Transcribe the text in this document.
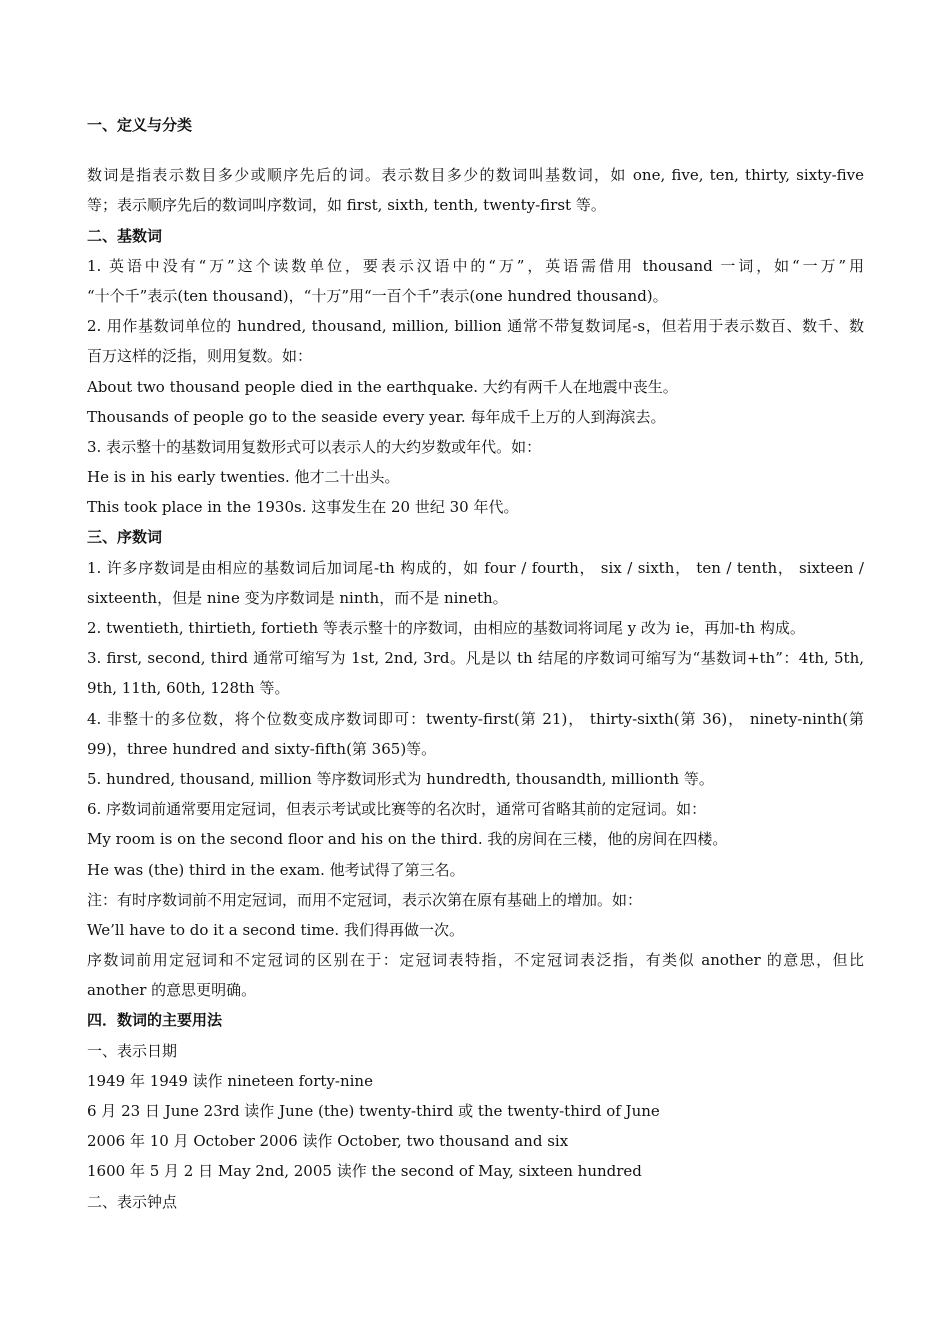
一、定义与分类
数词是指表示数目多少或顺序先后的词。表示数目多少的数词叫基数词，如 one, five, ten, thirty, sixty-five
等；表示顺序先后的数词叫序数词，如 first, sixth, tenth, twenty-first 等。
二、基数词
1. 英语中没有“万”这个读数单位，要表示汉语中的“万”，英语需借用 thousand 一词，如“一万”用
“十个千”表示(ten thousand)，“十万”用“一百个千”表示(one hundred thousand)。
2. 用作基数词单位的 hundred, thousand, million, billion 通常不带复数词尾-s，但若用于表示数百、数千、数
百万这样的泛指，则用复数。如：
About two thousand people died in the earthquake. 大约有两千人在地震中丧生。
Thousands of people go to the seaside every year. 每年成千上万的人到海滨去。
3. 表示整十的基数词用复数形式可以表示人的大约岁数或年代。如：
He is in his early twenties. 他才二十出头。
This took place in the 1930s. 这事发生在 20 世纪 30 年代。
三、序数词
1. 许多序数词是由相应的基数词后加词尾-th 构成的，如 four / fourth， six / sixth， ten / tenth， sixteen /
sixteenth，但是 nine 变为序数词是 ninth，而不是 nineth。
2. twentieth, thirtieth, fortieth 等表示整十的序数词，由相应的基数词将词尾 y 改为 ie，再加-th 构成。
3. first, second, third 通常可缩写为 1st, 2nd, 3rd。凡是以 th 结尾的序数词可缩写为“基数词+th”：4th, 5th,
9th, 11th, 60th, 128th 等。
4. 非整十的多位数，将个位数变成序数词即可：twenty-first(第 21)， thirty-sixth(第 36)， ninety-ninth(第
99)，three hundred and sixty-fifth(第 365)等。
5. hundred, thousand, million 等序数词形式为 hundredth, thousandth, millionth 等。
6. 序数词前通常要用定冠词，但表示考试或比赛等的名次时，通常可省略其前的定冠词。如：
My room is on the second floor and his on the third. 我的房间在三楼，他的房间在四楼。
He was (the) third in the exam. 他考试得了第三名。
注：有时序数词前不用定冠词，而用不定冠词，表示次第在原有基础上的增加。如：
We’ll have to do it a second time. 我们得再做一次。
序数词前用定冠词和不定冠词的区别在于：定冠词表特指，不定冠词表泛指，有类似 another 的意思，但比
another 的意思更明确。
四．数词的主要用法
一、表示日期
1949 年 1949 读作 nineteen forty-nine
6 月 23 日 June 23rd 读作 June (the) twenty-third 或 the twenty-third of June
2006 年 10 月 October 2006 读作 October, two thousand and six
1600 年 5 月 2 日 May 2nd, 2005 读作 the second of May, sixteen hundred
二、表示钟点
